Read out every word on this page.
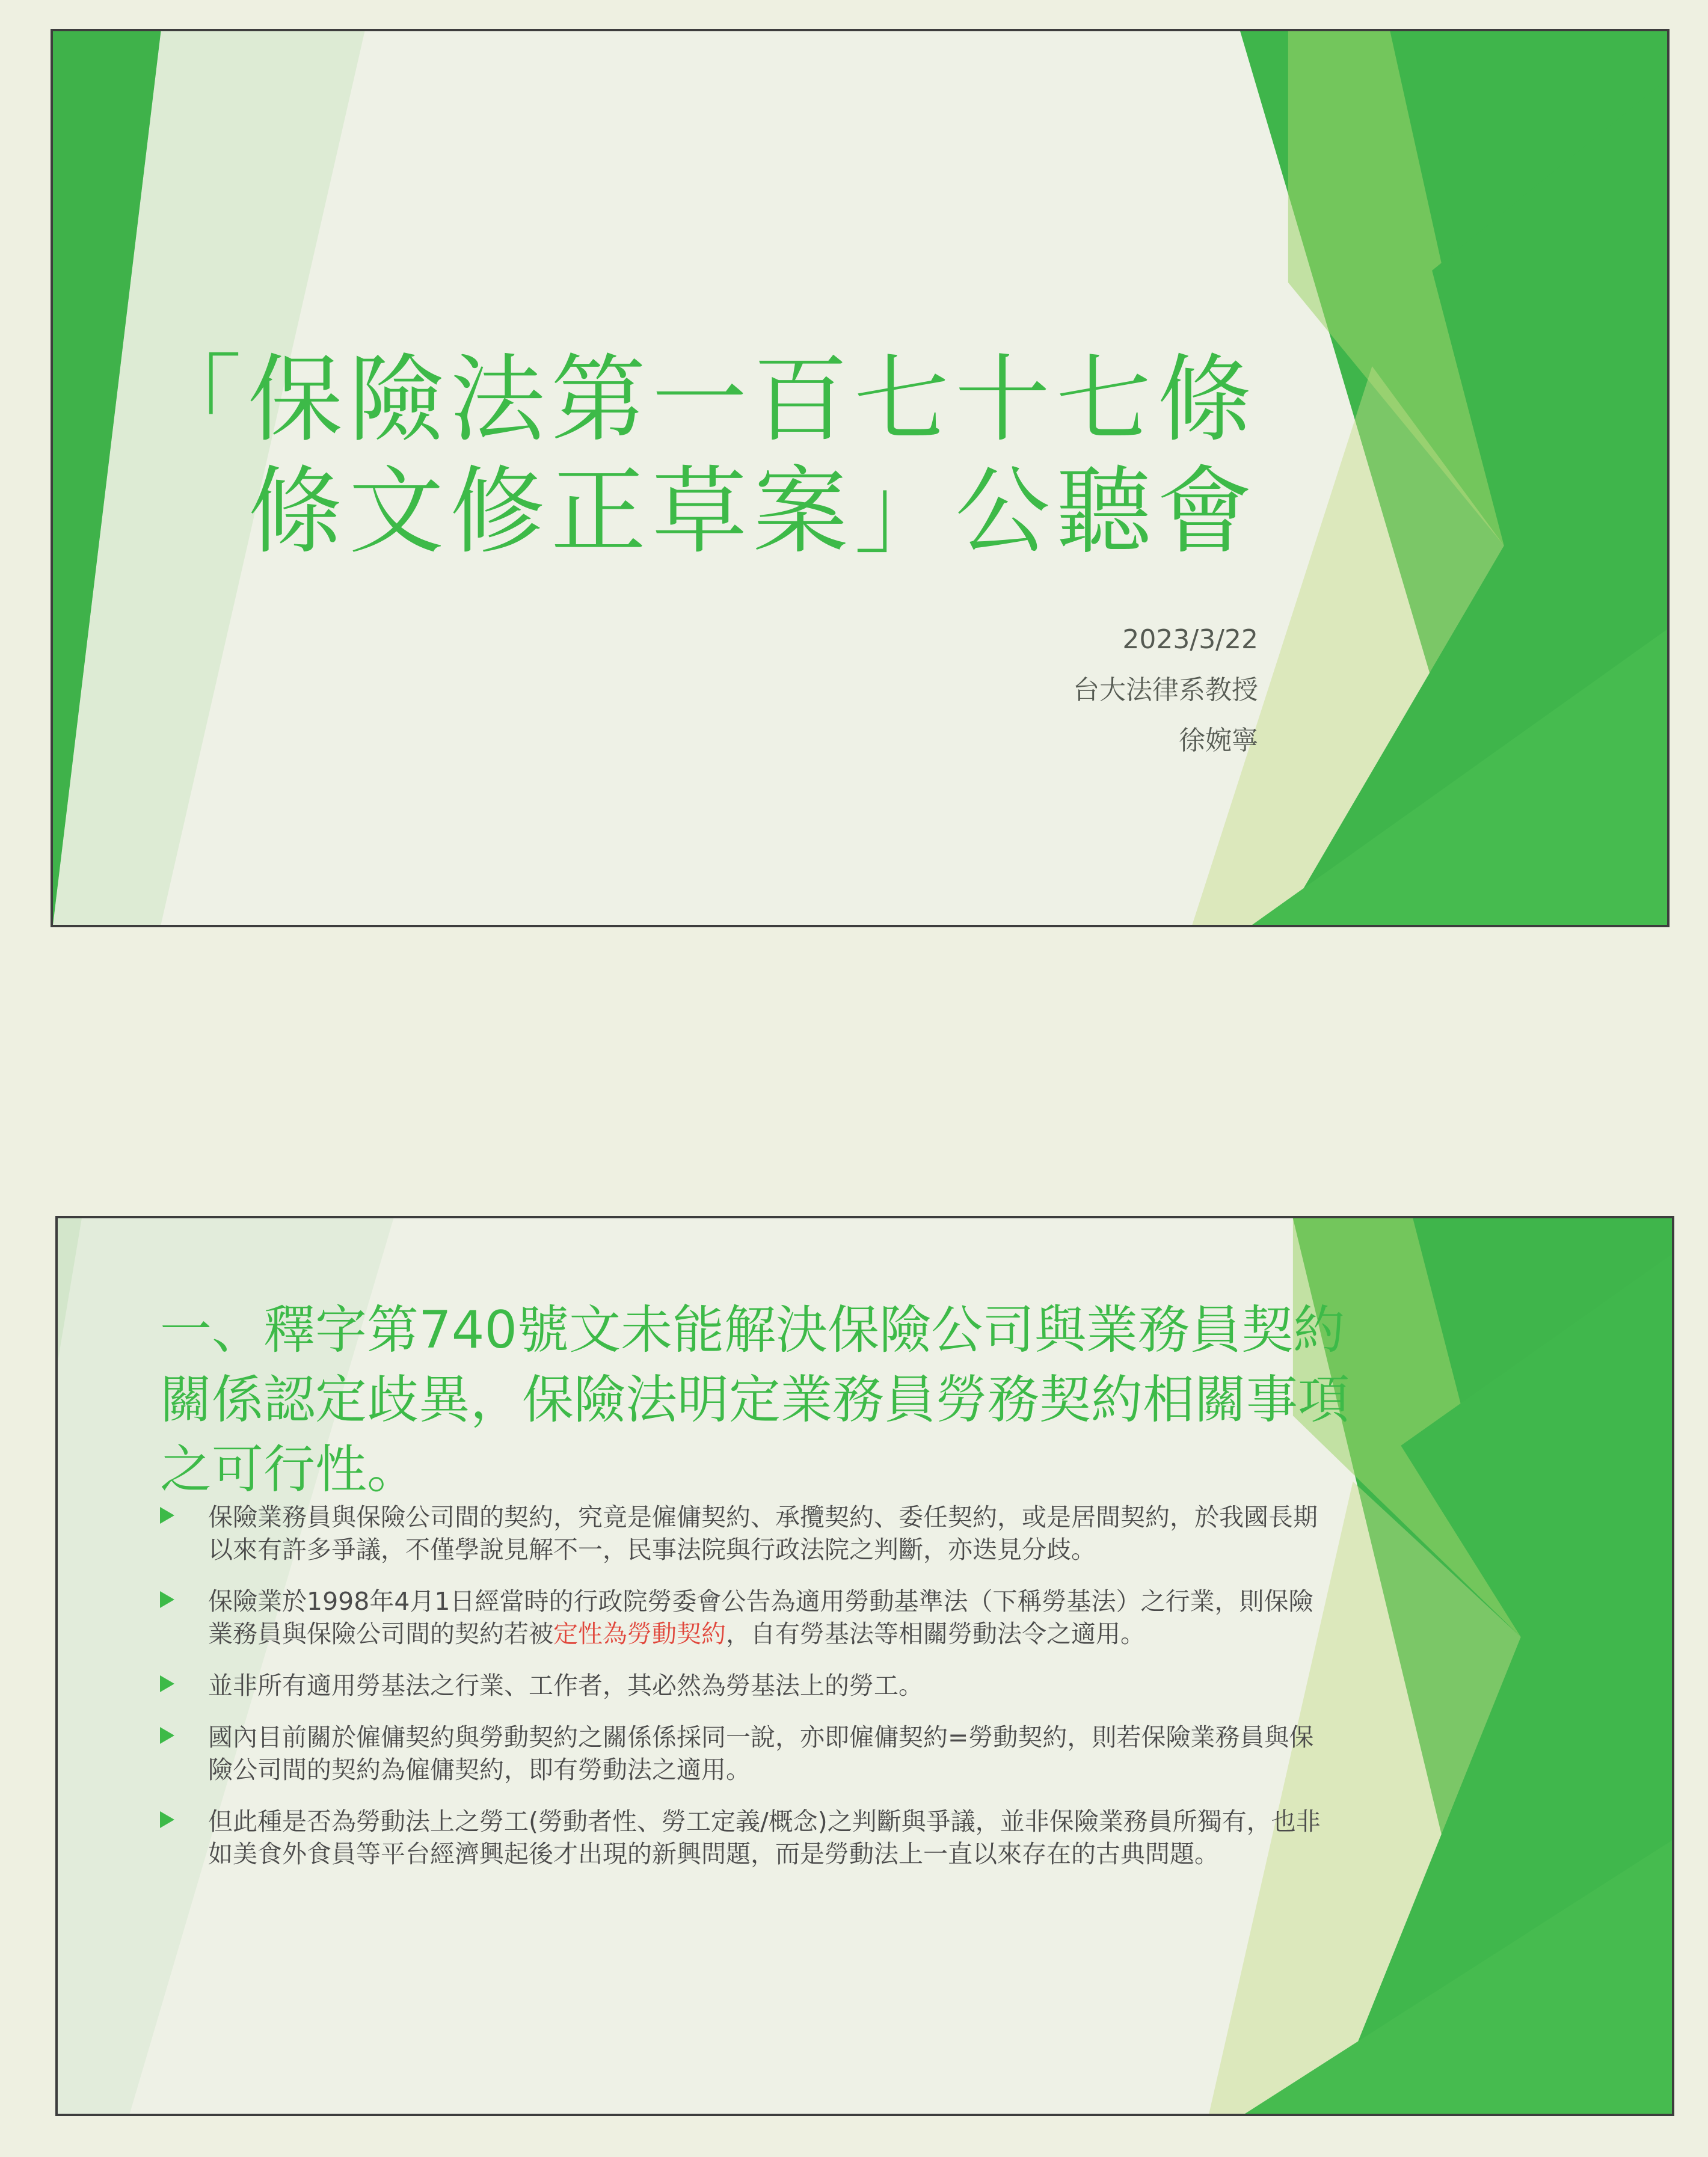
「保險法第一百七十七條
條文修正草案」公聽會
2023/3/22
台大法律系教授
徐婉寧
一、釋字第740號文未能解決保險公司與業務員契約關係認定歧異，保險法明定業務員勞務契約相關事項之可行性。
保險業務員與保險公司間的契約，究竟是僱傭契約、承攬契約、委任契約，或是居間契約，於我國長期以來有許多爭議，不僅學說見解不一，民事法院與行政法院之判斷，亦迭見分歧。
保險業於1998年4月1日經當時的行政院勞委會公告為適用勞動基準法（下稱勞基法）之行業，則保險業務員與保險公司間的契約若被定性為勞動契約，自有勞基法等相關勞動法令之適用。
並非所有適用勞基法之行業、工作者，其必然為勞基法上的勞工。
國內目前關於僱傭契約與勞動契約之關係係採同一說，亦即僱傭契約=勞動契約，則若保險業務員與保險公司間的契約為僱傭契約，即有勞動法之適用。
但此種是否為勞動法上之勞工(勞動者性、勞工定義/概念)之判斷與爭議，並非保險業務員所獨有，也非如美食外食員等平台經濟興起後才出現的新興問題，而是勞動法上一直以來存在的古典問題。
